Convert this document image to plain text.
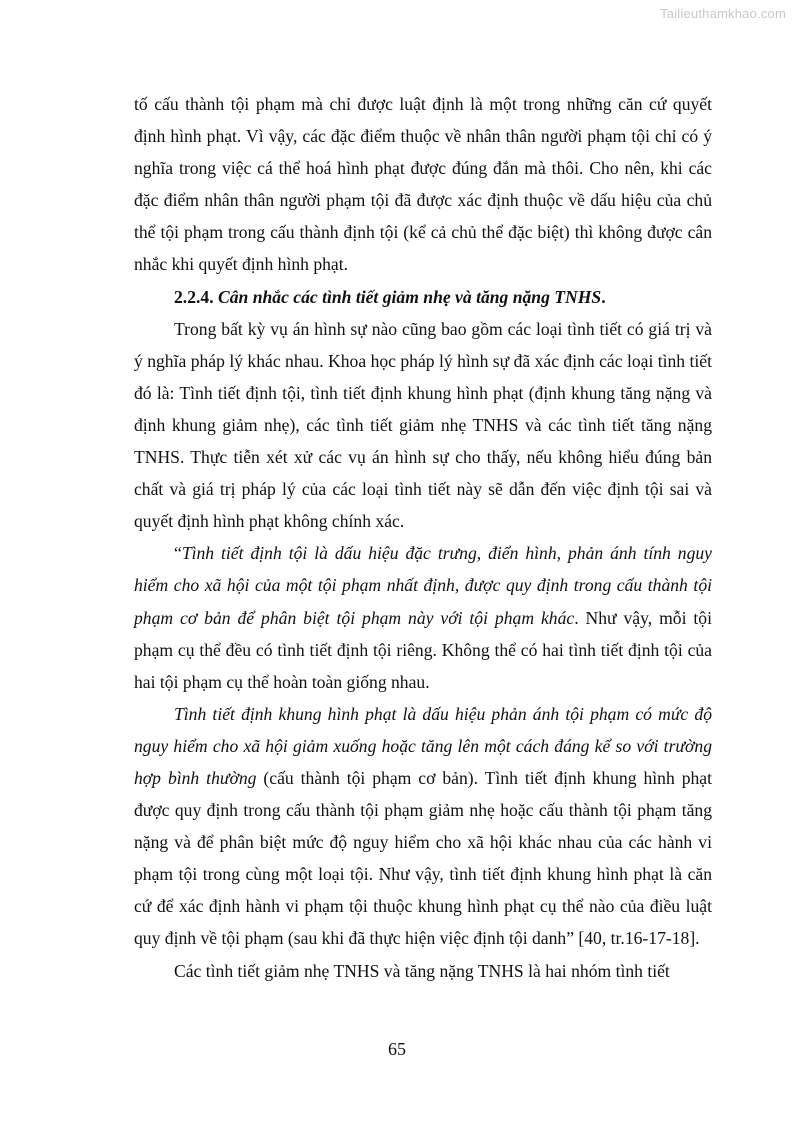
Tailieuthamkhao.com

tố cấu thành tội phạm mà chỉ được luật định là một trong những căn cứ quyết định hình phạt. Vì vậy, các đặc điểm thuộc về nhân thân người phạm tội chỉ có ý nghĩa trong việc cá thể hoá hình phạt được đúng đắn mà thôi. Cho nên, khi các đặc điểm nhân thân người phạm tội đã được xác định thuộc về dấu hiệu của chủ thể tội phạm trong cấu thành định tội (kể cả chủ thể đặc biệt) thì không được cân nhắc khi quyết định hình phạt.

2.2.4. Cân nhắc các tình tiết giảm nhẹ và tăng nặng TNHS.

Trong bất kỳ vụ án hình sự nào cũng bao gồm các loại tình tiết có giá trị và ý nghĩa pháp lý khác nhau. Khoa học pháp lý hình sự đã xác định các loại tình tiết đó là: Tình tiết định tội, tình tiết định khung hình phạt (định khung tăng nặng và định khung giảm nhẹ), các tình tiết giảm nhẹ TNHS và các tình tiết tăng nặng TNHS. Thực tiễn xét xử các vụ án hình sự cho thấy, nếu không hiểu đúng bản chất và giá trị pháp lý của các loại tình tiết này sẽ dẫn đến việc định tội sai và quyết định hình phạt không chính xác.

“Tình tiết định tội là dấu hiệu đặc trưng, điển hình, phản ánh tính nguy hiểm cho xã hội của một tội phạm nhất định, được quy định trong cấu thành tội phạm cơ bản để phân biệt tội phạm này với tội phạm khác. Như vậy, mỗi tội phạm cụ thể đều có tình tiết định tội riêng. Không thể có hai tình tiết định tội của hai tội phạm cụ thể hoàn toàn giống nhau.

Tình tiết định khung hình phạt là dấu hiệu phản ánh tội phạm có mức độ nguy hiểm cho xã hội giảm xuống hoặc tăng lên một cách đáng kể so với trường hợp bình thường (cấu thành tội phạm cơ bản). Tình tiết định khung hình phạt được quy định trong cấu thành tội phạm giảm nhẹ hoặc cấu thành tội phạm tăng nặng và để phân biệt mức độ nguy hiểm cho xã hội khác nhau của các hành vi phạm tội trong cùng một loại tội. Như vậy, tình tiết định khung hình phạt là căn cứ để xác định hành vi phạm tội thuộc khung hình phạt cụ thể nào của điều luật quy định về tội phạm (sau khi đã thực hiện việc định tội danh” [40, tr.16-17-18].

Các tình tiết giảm nhẹ TNHS và tăng nặng TNHS là hai nhóm tình tiết

65
